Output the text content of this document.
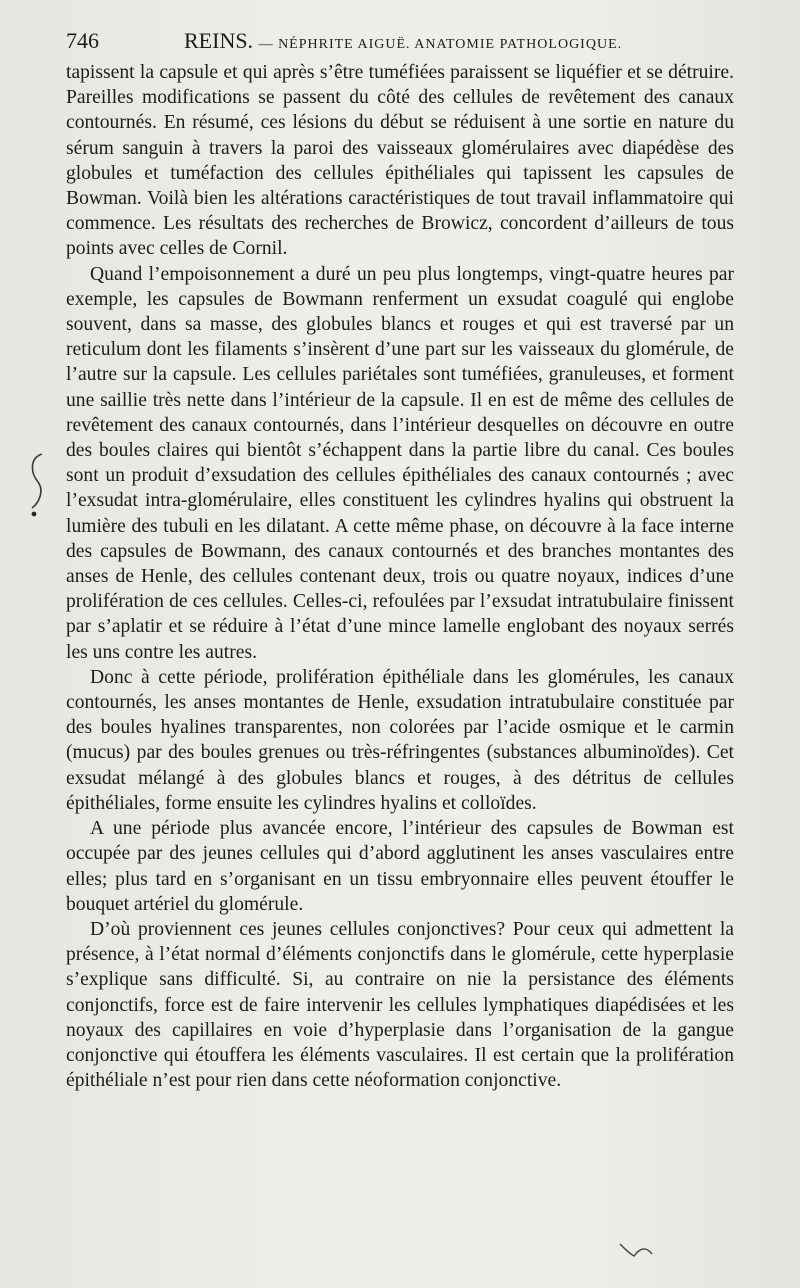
746	REINS. — NÉPHRITE AIGUË. ANATOMIE PATHOLOGIQUE.

tapissent la capsule et qui après s’être tuméfiées paraissent se liquéfier et se détruire. Pareilles modifications se passent du côté des cellules de revêtement des canaux contournés. En résumé, ces lésions du début se réduisent à une sortie en nature du sérum sanguin à travers la paroi des vaisseaux glomérulaires avec diapédèse des globules et tuméfaction des cellules épithéliales qui tapissent les capsules de Bowman. Voilà bien les altérations caractéristiques de tout travail inflammatoire qui commence. Les résultats des recherches de Browicz, concordent d’ailleurs de tous points avec celles de Cornil.

Quand l’empoisonnement a duré un peu plus longtemps, vingt-quatre heures par exemple, les capsules de Bowmann renferment un exsudat coagulé qui englobe souvent, dans sa masse, des globules blancs et rouges et qui est traversé par un reticulum dont les filaments s’insèrent d’une part sur les vaisseaux du glomérule, de l’autre sur la capsule. Les cellules pariétales sont tuméfiées, granuleuses, et forment une saillie très nette dans l’intérieur de la capsule. Il en est de même des cellules de revêtement des canaux contournés, dans l’intérieur desquelles on découvre en outre des boules claires qui bientôt s’échappent dans la partie libre du canal. Ces boules sont un produit d’exsudation des cellules épithéliales des canaux contournés ; avec l’exsudat intra-glomérulaire, elles constituent les cylindres hyalins qui obstruent la lumière des tubuli en les dilatant. A cette même phase, on découvre à la face interne des capsules de Bowmann, des canaux contournés et des branches montantes des anses de Henle, des cellules contenant deux, trois ou quatre noyaux, indices d’une prolifération de ces cellules. Celles-ci, refoulées par l’exsudat intratubulaire finissent par s’aplatir et se réduire à l’état d’une mince lamelle englobant des noyaux serrés les uns contre les autres.

Donc à cette période, prolifération épithéliale dans les glomérules, les canaux contournés, les anses montantes de Henle, exsudation intratubulaire constituée par des boules hyalines transparentes, non colorées par l’acide osmique et le carmin (mucus) par des boules grenues ou très-réfringentes (substances albuminoïdes). Cet exsudat mélangé à des globules blancs et rouges, à des détritus de cellules épithéliales, forme ensuite les cylindres hyalins et colloïdes.

A une période plus avancée encore, l’intérieur des capsules de Bowman est occupée par des jeunes cellules qui d’abord agglutinent les anses vasculaires entre elles; plus tard en s’organisant en un tissu embryonnaire elles peuvent étouffer le bouquet artériel du glomérule.

D’où proviennent ces jeunes cellules conjonctives? Pour ceux qui admettent la présence, à l’état normal d’éléments conjonctifs dans le glomérule, cette hyperplasie s’explique sans difficulté. Si, au contraire on nie la persistance des éléments conjonctifs, force est de faire intervenir les cellules lymphatiques diapédisées et les noyaux des capillaires en voie d’hyperplasie dans l’organisation de la gangue conjonctive qui étouffera les éléments vasculaires. Il est certain que la prolifération épithéliale n’est pour rien dans cette néoformation conjonctive.
